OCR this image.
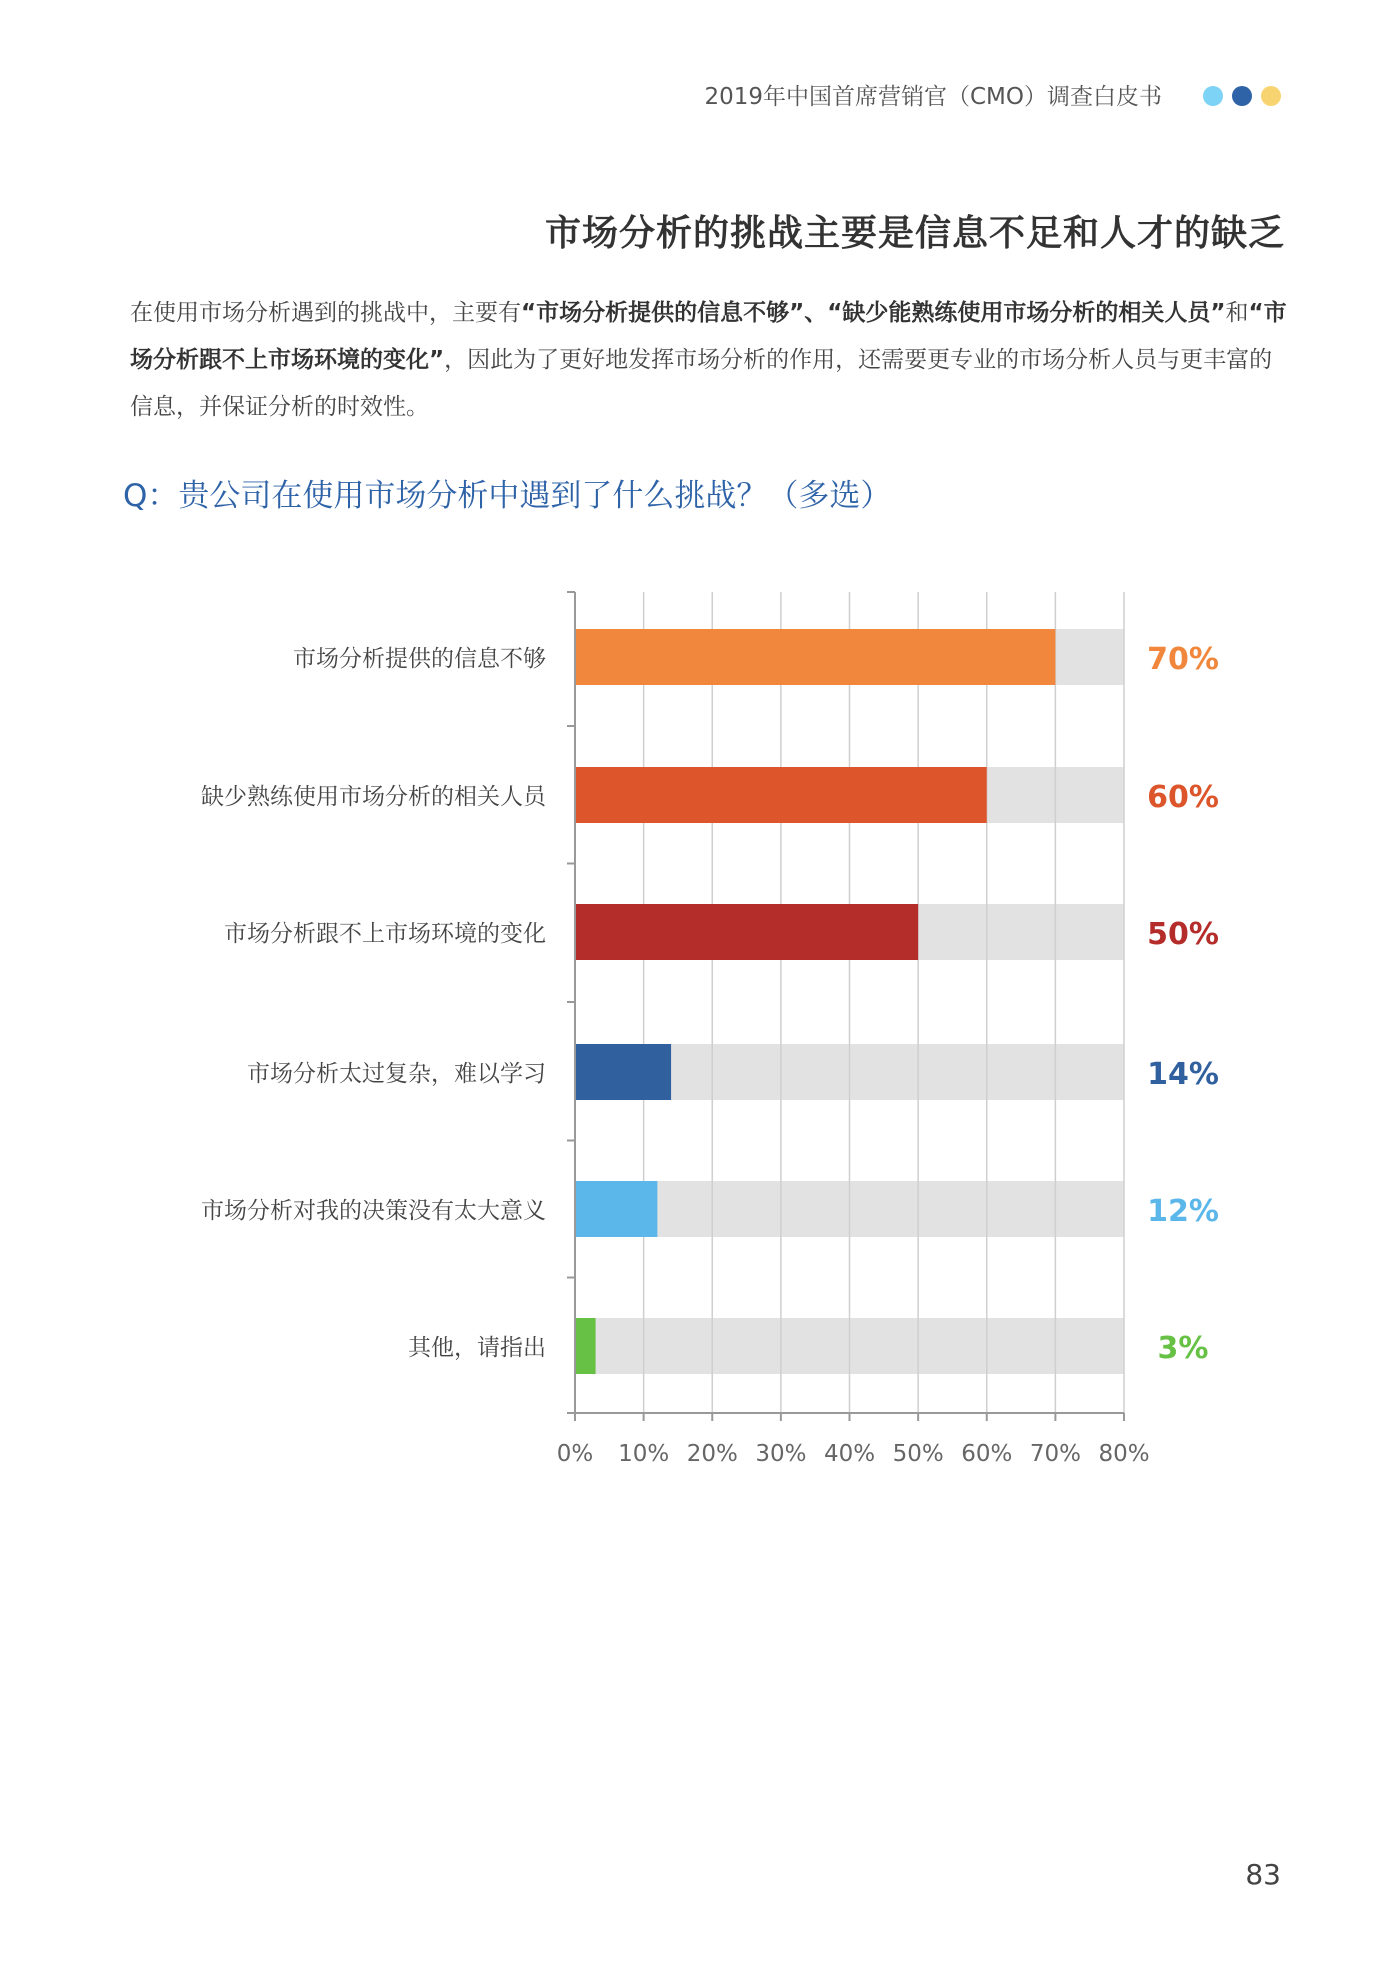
2019年中国首席营销官（CMO）调查白皮书
市场分析的挑战主要是信息不足和人才的缺乏
在使用市场分析遇到的挑战中，主要有“市场分析提供的信息不够”、“缺少能熟练使用市场分析的相关人员”和“市场分析跟不上市场环境的变化”，因此为了更好地发挥市场分析的作用，还需要更专业的市场分析人员与更丰富的信息，并保证分析的时效性。
Q：贵公司在使用市场分析中遇到了什么挑战？（多选）
0% 10% 20% 30% 40% 50% 60% 70% 80%
市场分析提供的信息不够
缺少熟练使用市场分析的相关人员
市场分析跟不上市场环境的变化
市场分析太过复杂，难以学习
市场分析对我的决策没有太大意义
其他，请指出
70%
60%
50%
14%
12%
3%
83
